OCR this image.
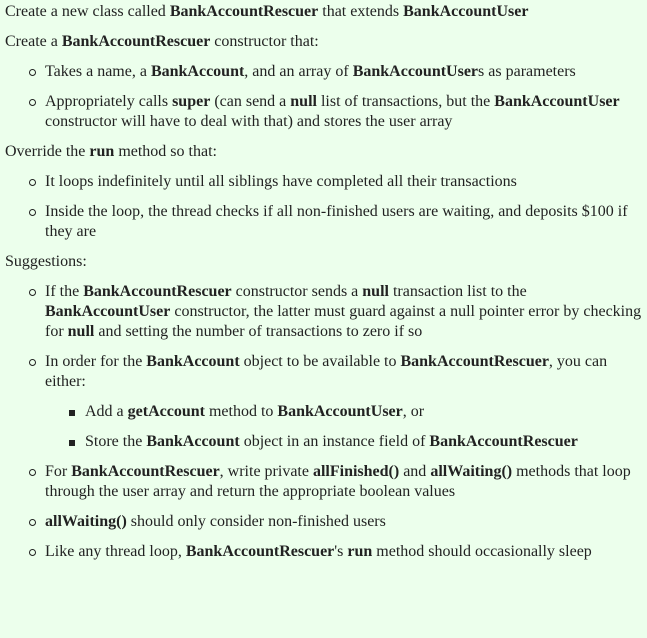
Create a new class called BankAccountRescuer that extends BankAccountUser

Create a BankAccountRescuer constructor that:

Takes a name, a BankAccount, and an array of BankAccountUsers as parameters
Appropriately calls super (can send a null list of transactions, but the BankAccountUser constructor will have to deal with that) and stores the user array

Override the run method so that:

It loops indefinitely until all siblings have completed all their transactions
Inside the loop, the thread checks if all non-finished users are waiting, and deposits $100 if they are

Suggestions:

If the BankAccountRescuer constructor sends a null transaction list to the BankAccountUser constructor, the latter must guard against a null pointer error by checking for null and setting the number of transactions to zero if so
In order for the BankAccount object to be available to BankAccountRescuer, you can either:
Add a getAccount method to BankAccountUser, or
Store the BankAccount object in an instance field of BankAccountRescuer
For BankAccountRescuer, write private allFinished() and allWaiting() methods that loop through the user array and return the appropriate boolean values
allWaiting() should only consider non-finished users
Like any thread loop, BankAccountRescuer's run method should occasionally sleep
